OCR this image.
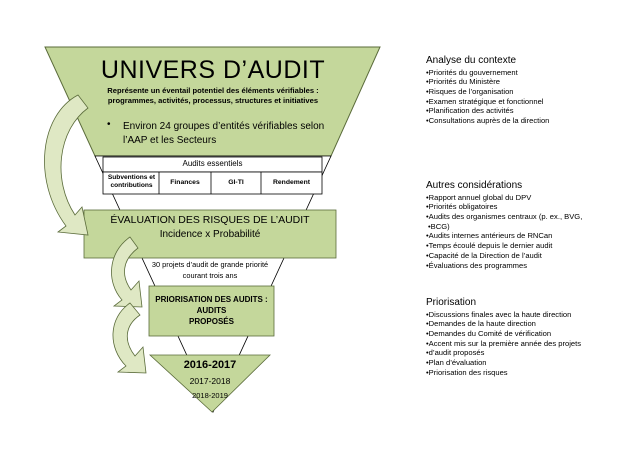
UNIVERS D’AUDIT
Représente un éventail potentiel des éléments vérifiables :
programmes, activités, processus, structures et initiatives
• Environ 24 groupes d’entités vérifiables selon
l’AAP et les Secteurs
Audits essentiels
Subventions et contributions	Finances	GI-TI	Rendement
ÉVALUATION DES RISQUES DE L’AUDIT
Incidence x Probabilité
30 projets d’audit de grande priorité
courant trois ans
PRIORISATION DES AUDITS :
AUDITS
PROPOSÉS
2016-2017
2017-2018
2018-2019
Analyse du contexte
• Priorités du gouvernement
• Priorités du Ministère
• Risques de l’organisation
• Examen stratégique et fonctionnel
• Planification des activités
• Consultations auprès de la direction
Autres considérations
• Rapport annuel global du DPV
• Priorités obligatoires
• Audits des organismes centraux (p. ex., BVG,
• BCG)
• Audits internes antérieurs de RNCan
• Temps écoulé depuis le dernier audit
• Capacité de la Direction de l’audit
• Évaluations des programmes
Priorisation
• Discussions finales avec la haute direction
• Demandes de la haute direction
• Demandes du Comité de vérification
• Accent mis sur la première année des projets
• d’audit proposés
• Plan d’évaluation
• Priorisation des risques
